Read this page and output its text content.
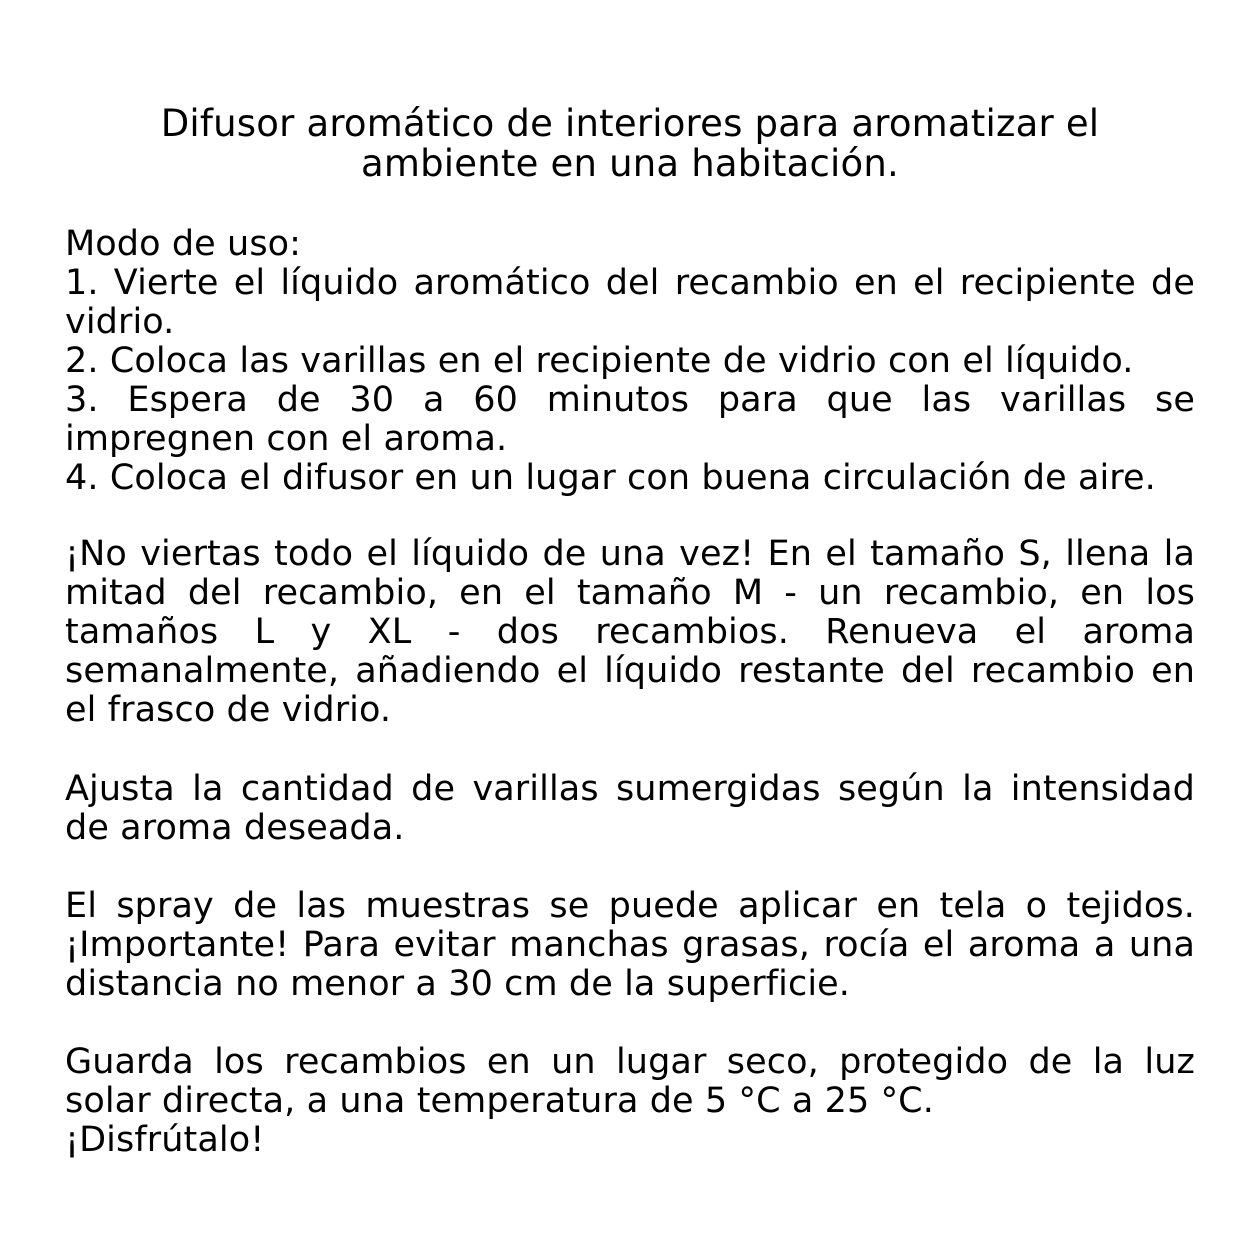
Difusor aromático de interiores para aromatizar el
ambiente en una habitación.
Modo de uso:
1. Vierte el líquido aromático del recambio en el recipiente de vidrio.
2. Coloca las varillas en el recipiente de vidrio con el líquido.
3. Espera de 30 a 60 minutos para que las varillas se impregnen con el aroma.
4. Coloca el difusor en un lugar con buena circulación de aire.

¡No viertas todo el líquido de una vez! En el tamaño S, llena la mitad del recambio, en el tamaño M - un recambio, en los tamaños L y XL - dos recambios. Renueva el aroma semanalmente, añadiendo el líquido restante del recambio en el frasco de vidrio.

Ajusta la cantidad de varillas sumergidas según la intensidad de aroma deseada.

El spray de las muestras se puede aplicar en tela o tejidos. ¡Importante! Para evitar manchas grasas, rocía el aroma a una distancia no menor a 30 cm de la superficie.

Guarda los recambios en un lugar seco, protegido de la luz solar directa, a una temperatura de 5 °C a 25 °C.

¡Disfrútalo!
